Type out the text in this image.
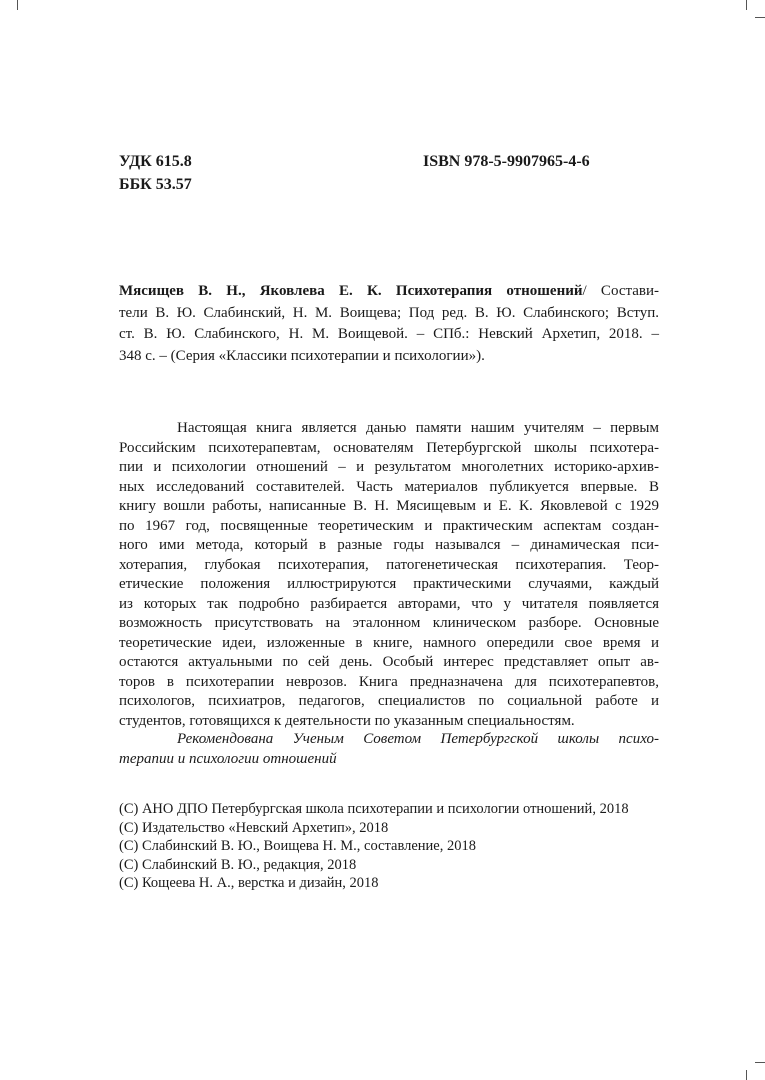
УДК 615.8
ББК 53.57
ISBN 978-5-9907965-4-6
Мясищев В. Н., Яковлева Е. К. Психотерапия отношений/ Состави-
тели В. Ю. Слабинский, Н. М. Воищева; Под ред. В. Ю. Слабинского; Вступ.
ст. В. Ю. Слабинского, Н. М. Воищевой. – СПб.: Невский Архетип, 2018. –
348 с. – (Серия «Классики психотерапии и психологии»).
Настоящая книга является данью памяти нашим учителям – первым
Российским психотерапевтам, основателям Петербургской школы психотера-
пии и психологии отношений – и результатом многолетних историко-архив-
ных исследований составителей. Часть материалов публикуется впервые. В
книгу вошли работы, написанные В. Н. Мясищевым и Е. К. Яковлевой с 1929
по 1967 год, посвященные теоретическим и практическим аспектам создан-
ного ими метода, который в разные годы назывался – динамическая пси-
хотерапия, глубокая психотерапия, патогенетическая психотерапия. Теор-
етические положения иллюстрируются практическими случаями, каждый
из которых так подробно разбирается авторами, что у читателя появляется
возможность присутствовать на эталонном клиническом разборе. Основные
теоретические идеи, изложенные в книге, намного опередили свое время и
остаются актуальными по сей день. Особый интерес представляет опыт ав-
торов в психотерапии неврозов. Книга предназначена для психотерапевтов,
психологов, психиатров, педагогов, специалистов по социальной работе и
студентов, готовящихся к деятельности по указанным специальностям.
Рекомендована Ученым Советом Петербургской школы психо-
терапии и психологии отношений
(С) АНО ДПО Петербургская школа психотерапии и психологии отношений, 2018
(С) Издательство «Невский Архетип», 2018
(С) Слабинский В. Ю., Воищева Н. М., составление, 2018
(С) Слабинский В. Ю., редакция, 2018
(С) Кощеева Н. А., верстка и дизайн, 2018
